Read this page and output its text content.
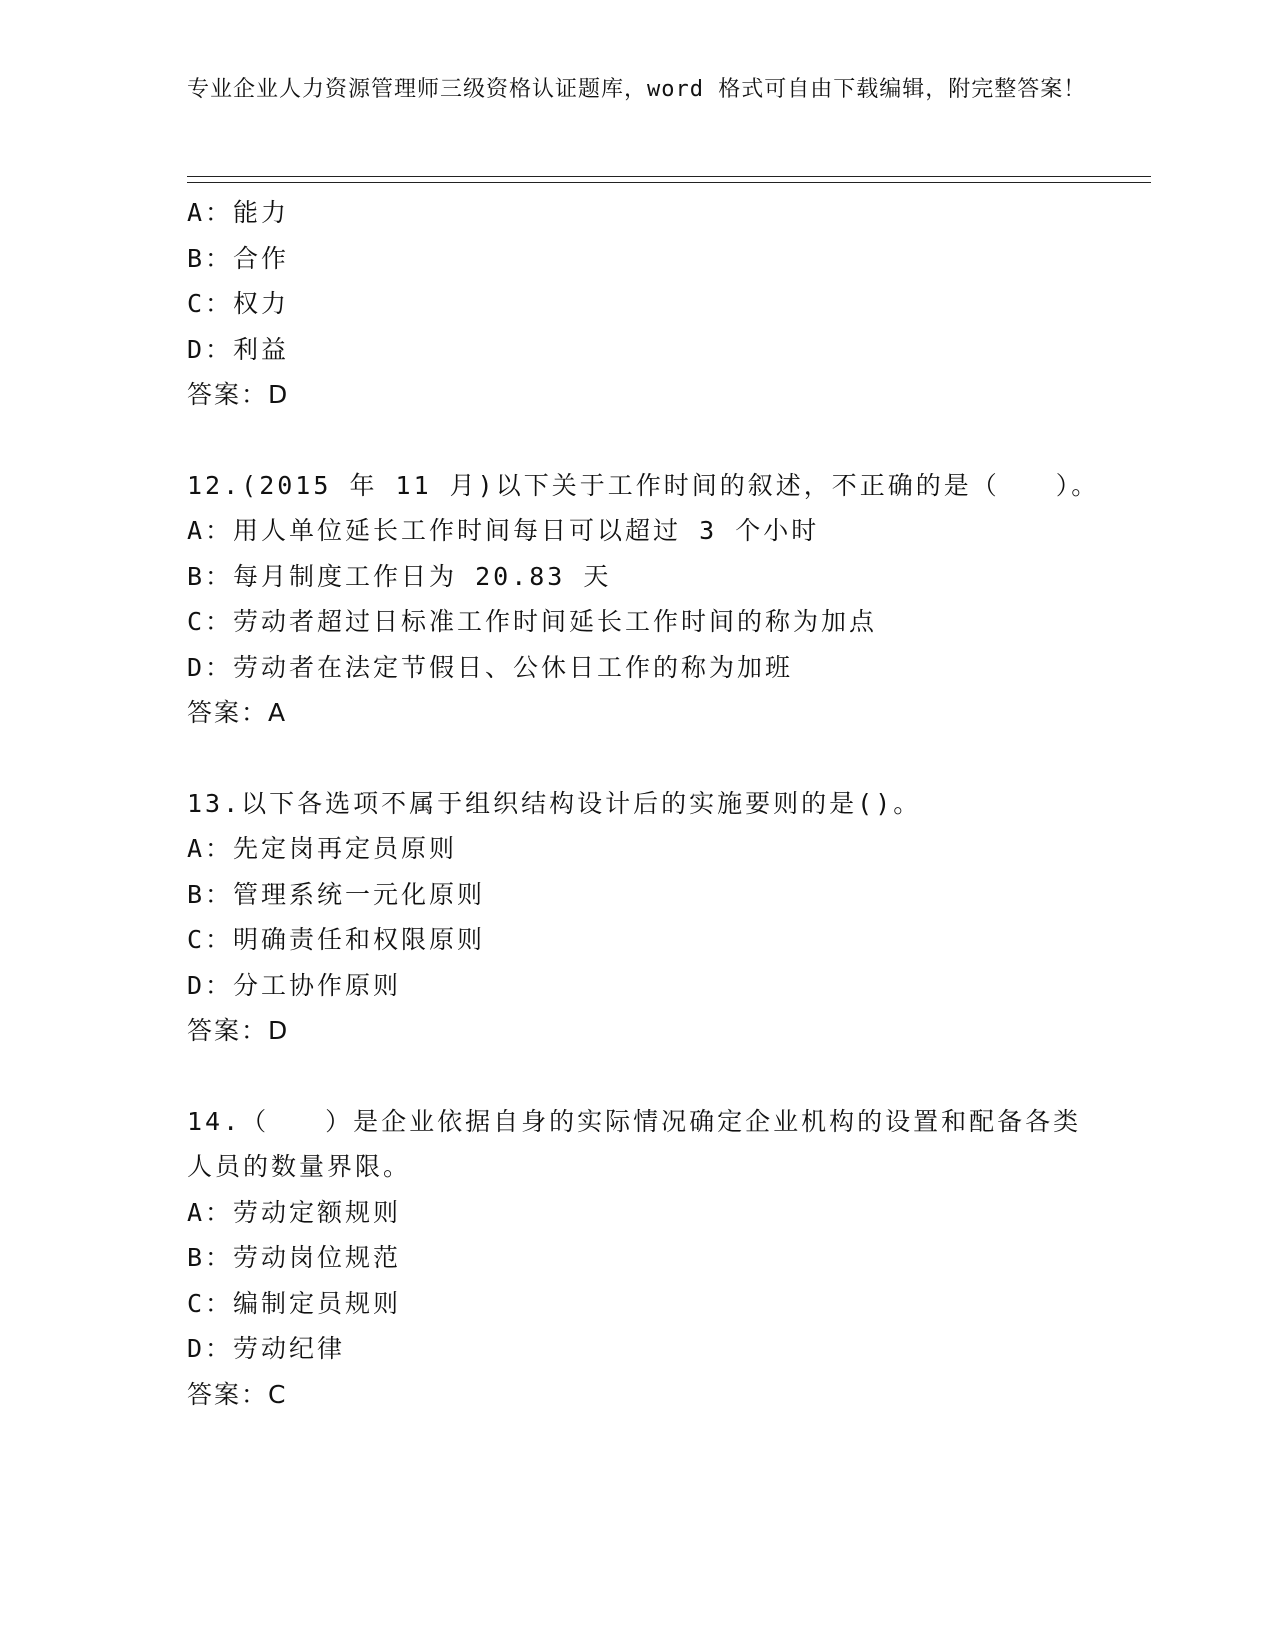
专业企业人力资源管理师三级资格认证题库，word 格式可自由下载编辑，附完整答案！
A：能力
B：合作
C：权力
D：利益
答案：D
12.(2015 年 11 月)以下关于工作时间的叙述，不正确的是（　　）。
A：用人单位延长工作时间每日可以超过 3 个小时
B：每月制度工作日为 20.83 天
C：劳动者超过日标准工作时间延长工作时间的称为加点
D：劳动者在法定节假日、公休日工作的称为加班
答案：A
13.以下各选项不属于组织结构设计后的实施要则的是()。
A：先定岗再定员原则
B：管理系统一元化原则
C：明确责任和权限原则
D：分工协作原则
答案：D
14.（　　）是企业依据自身的实际情况确定企业机构的设置和配备各类人员的数量界限。
A：劳动定额规则
B：劳动岗位规范
C：编制定员规则
D：劳动纪律
答案：C
